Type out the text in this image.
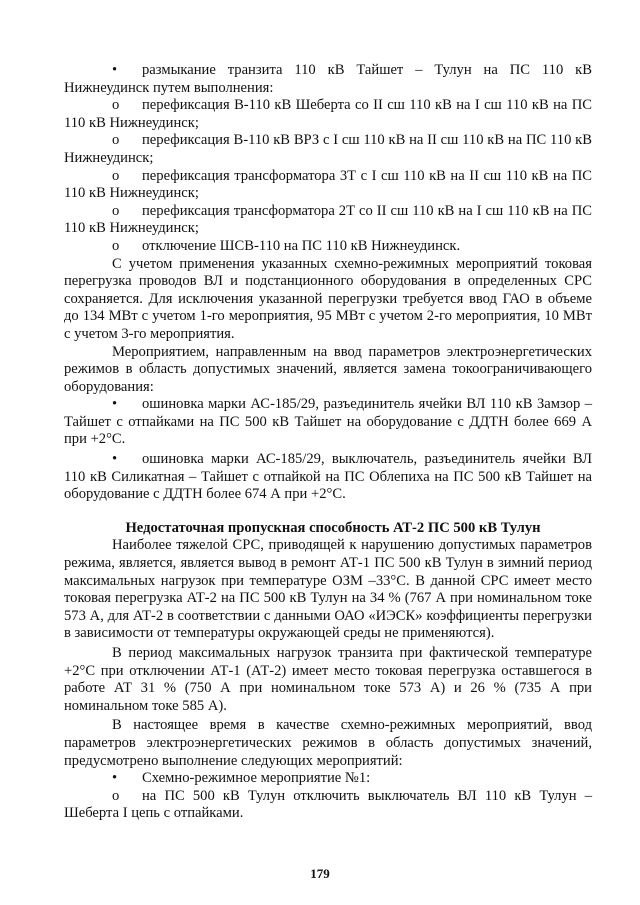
• размыкание транзита 110 кВ Тайшет – Тулун на ПС 110 кВ Нижнеудинск путем выполнения:

o перефиксация В-110 кВ Шеберта со II сш 110 кВ на I сш 110 кВ на ПС 110 кВ Нижнеудинск;

o перефиксация В-110 кВ ВРЗ с I сш 110 кВ на II сш 110 кВ на ПС 110 кВ Нижнеудинск;

o перефиксация трансформатора 3Т с I сш 110 кВ на II сш 110 кВ на ПС 110 кВ Нижнеудинск;

o перефиксация трансформатора 2Т со II сш 110 кВ на I сш 110 кВ на ПС 110 кВ Нижнеудинск;

o отключение ШСВ-110 на ПС 110 кВ Нижнеудинск.

С учетом применения указанных схемно-режимных мероприятий токовая перегрузка проводов ВЛ и подстанционного оборудования в определенных СРС сохраняется. Для исключения указанной перегрузки требуется ввод ГАО в объеме до 134 МВт с учетом 1-го мероприятия, 95 МВт с учетом 2-го мероприятия, 10 МВт с учетом 3-го мероприятия.

Мероприятием, направленным на ввод параметров электроэнергетических режимов в область допустимых значений, является замена токоограничивающего оборудования:

• ошиновка марки АС-185/29, разъединитель ячейки ВЛ 110 кВ Замзор – Тайшет с отпайками на ПС 500 кВ Тайшет на оборудование с ДДТН более 669 А при +2°С.

• ошиновка марки АС-185/29, выключатель, разъединитель ячейки ВЛ 110 кВ Силикатная – Тайшет с отпайкой на ПС Облепиха на ПС 500 кВ Тайшет на оборудование с ДДТН более 674 А при +2°С.

Недостаточная пропускная способность АТ-2 ПС 500 кВ Тулун

Наиболее тяжелой СРС, приводящей к нарушению допустимых параметров режима, является, является вывод в ремонт АТ-1 ПС 500 кВ Тулун в зимний период максимальных нагрузок при температуре ОЗМ –33°С. В данной СРС имеет место токовая перегрузка АТ-2 на ПС 500 кВ Тулун на 34 % (767 А при номинальном токе 573 А, для АТ-2 в соответствии с данными ОАО «ИЭСК» коэффициенты перегрузки в зависимости от температуры окружающей среды не применяются).

В период максимальных нагрузок транзита при фактической температуре +2°С при отключении АТ-1 (АТ-2) имеет место токовая перегрузка оставшегося в работе АТ 31 % (750 А при номинальном токе 573 А) и 26 % (735 А при номинальном токе 585 А).

В настоящее время в качестве схемно-режимных мероприятий, ввод параметров электроэнергетических режимов в область допустимых значений, предусмотрено выполнение следующих мероприятий:

• Схемно-режимное мероприятие №1:

o на ПС 500 кВ Тулун отключить выключатель ВЛ 110 кВ Тулун – Шеберта I цепь с отпайками.

179
